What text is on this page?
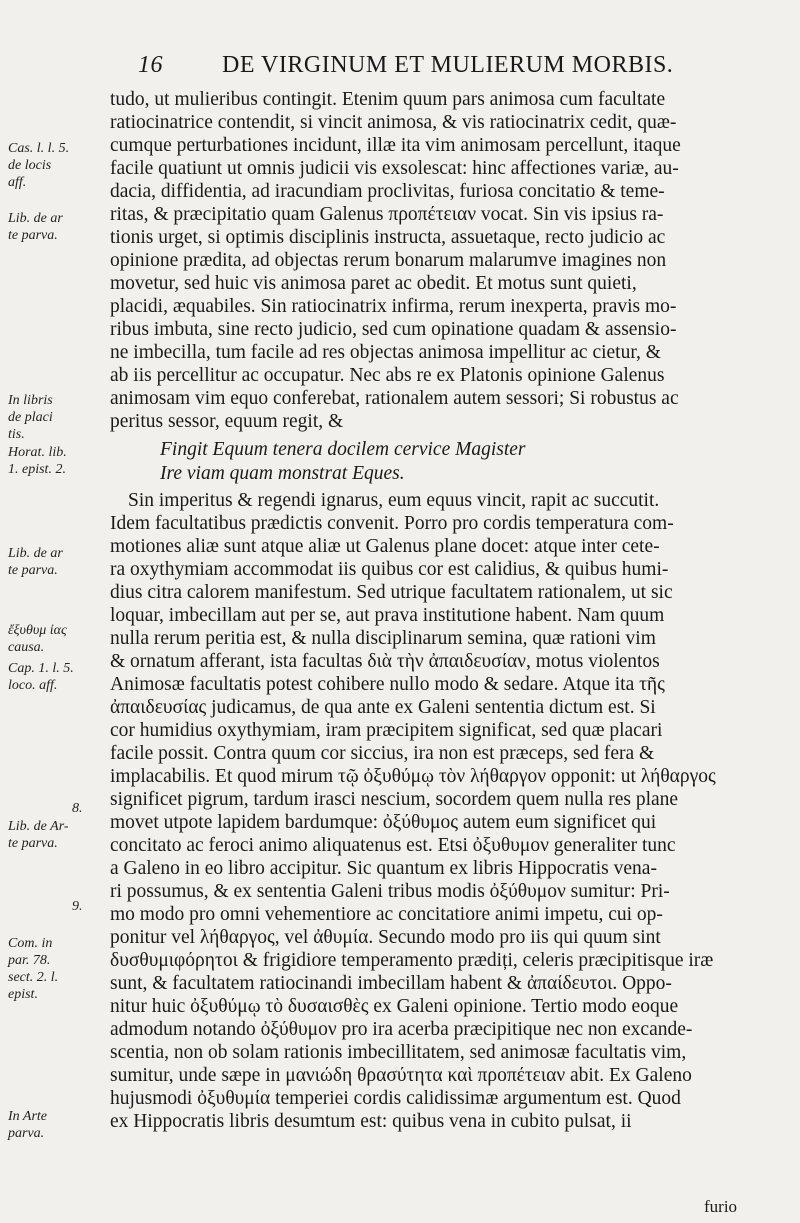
16 DE VIRGINUM ET MULIERUM MORBIS.
Cas. l. l. 5.
de locis
aff.
Lib. de ar
te parva.
In libris
de placi
tis.
Horat. lib.
1. epist. 2.
Lib. de ar
te parva.
ἔξυθυμ ἰας
causa.
Cap. 1. l. 5.
loco. aff.
8.
Lib. de Ar-
te parva.
9.
Com. in
par. 78.
sect. 2. l.
epist.
In Arte
parva.
tudo, ut mulieribus contingit. Etenim quum pars animosa cum facultate
ratiocinatrice contendit, si vincit animosa, & vis ratiocinatrix cedit, quæ-
cumque perturbationes incidunt, illæ ita vim animosam percellunt, itaque
facile quatiunt ut omnis judicii vis exsolescat: hinc affectiones variæ, au-
dacia, diffidentia, ad iracundiam proclivitas, furiosa concitatio & teme-
ritas, & præcipitatio quam Galenus προπέτειαν vocat. Sin vis ipsius ra-
tionis urget, si optimis disciplinis instructa, assuetaque, recto judicio ac
opinione prædita, ad objectas rerum bonarum malarumve imagines non
movetur, sed huic vis animosa paret ac obedit. Et motus sunt quieti,
placidi, æquabiles. Sin ratiocinatrix infirma, rerum inexperta, pravis mo-
ribus imbuta, sine recto judicio, sed cum opinatione quadam & assensio-
ne imbecilla, tum facile ad res objectas animosa impellitur ac cietur, &
ab iis percellitur ac occupatur. Nec abs re ex Platonis opinione Galenus
animosam vim equo conferebat, rationalem autem sessori; Si robustus ac
peritus sessor, equum regit, &
Fingit Equum tenera docilem cervice Magister
Ire viam quam monstrat Eques.
Sin imperitus & regendi ignarus, eum equus vincit, rapit ac succutit.
Idem facultatibus prædictis convenit. Porro pro cordis temperatura com-
motiones aliæ sunt atque aliæ ut Galenus plane docet: atque inter cete-
ra oxythymiam accommodat iis quibus cor est calidius, & quibus humi-
dius citra calorem manifestum. Sed utrique facultatem rationalem, ut sic
loquar, imbecillam aut per se, aut prava institutione habent. Nam quum
nulla rerum peritia est, & nulla disciplinarum semina, quæ rationi vim
& ornatum afferant, ista facultas διὰ τὴν ἀπαιδευσίαν, motus violentos
Animosæ facultatis potest cohibere nullo modo & sedare. Atque ita τῆς
ἀπαιδευσίας judicamus, de qua ante ex Galeni sententia dictum est. Si
cor humidius oxythymiam, iram præcipitem significat, sed quæ placari
facile possit. Contra quum cor siccius, ira non est præceps, sed fera &
implacabilis. Et quod mirum τῷ ὀξυθύμῳ τὸν λήθαργον opponit: ut λήθαργος
significet pigrum, tardum irasci nescium, socordem quem nulla res plane
movet utpote lapidem bardumque: ὀξύθυμος autem eum significet qui
concitato ac feroci animo aliquatenus est. Etsi ὀξυθυμον generaliter tunc
a Galeno in eo libro accipitur. Sic quantum ex libris Hippocratis vena-
ri possumus, & ex sententia Galeni tribus modis ὀξύθυμον sumitur: Pri-
mo modo pro omni vehementiore ac concitatiore animi impetu, cui op-
ponitur vel λήθαργος, vel ἀθυμία. Secundo modo pro iis qui quum sint
δυσθυμιφόρητοι & frigidiore temperamento prædiți, celeris præcipitisque iræ
sunt, & facultatem ratiocinandi imbecillam habent & ἀπαίδευτοι. Oppo-
nitur huic ὀξυθύμῳ τὸ δυσαισθὲς ex Galeni opinione. Tertio modo eoque
admodum notando ὀξύθυμον pro ira acerba præcipitique nec non excande-
scentia, non ob solam rationis imbecillitatem, sed animosæ facultatis vim,
sumitur, unde sæpe in μανιώδη θρασύτητα καὶ προπέτειαν abit. Ex Galeno
hujusmodi ὀξυθυμία temperiei cordis calidissimæ argumentum est. Quod
ex Hippocratis libris desumtum est: quibus vena in cubito pulsat, ii
furio
